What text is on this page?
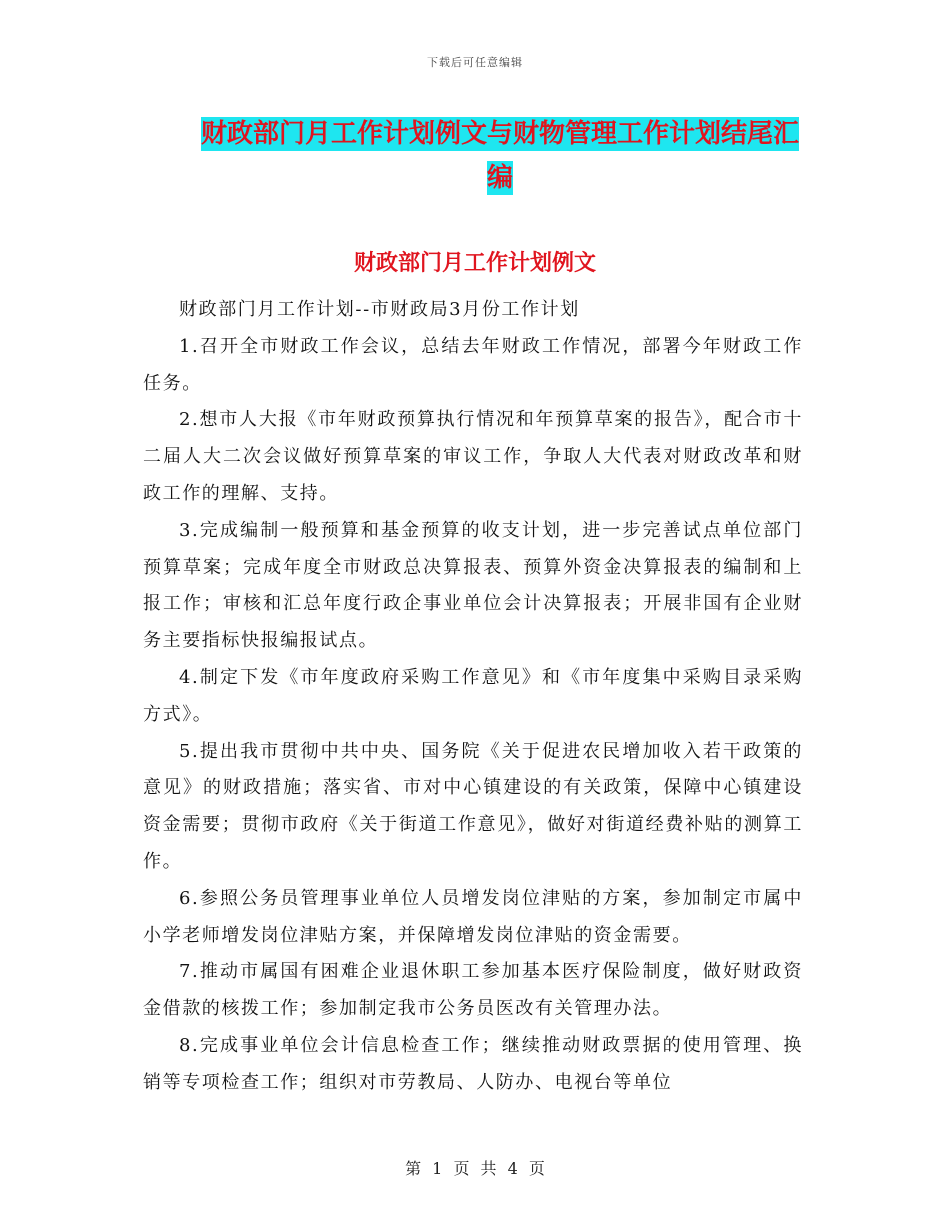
下载后可任意编辑
财政部门月工作计划例文与财物管理工作计划结尾汇编
财政部门月工作计划例文

财政部门月工作计划--市财政局3月份工作计划

1.召开全市财政工作会议，总结去年财政工作情况，部署今年财政工作任务。

2.想市人大报《市年财政预算执行情况和年预算草案的报告》，配合市十二届人大二次会议做好预算草案的审议工作，争取人大代表对财政改革和财政工作的理解、支持。

3.完成编制一般预算和基金预算的收支计划，进一步完善试点单位部门预算草案；完成年度全市财政总决算报表、预算外资金决算报表的编制和上报工作；审核和汇总年度行政企事业单位会计决算报表；开展非国有企业财务主要指标快报编报试点。

4.制定下发《市年度政府采购工作意见》和《市年度集中采购目录采购方式》。

5.提出我市贯彻中共中央、国务院《关于促进农民增加收入若干政策的意见》的财政措施；落实省、市对中心镇建设的有关政策，保障中心镇建设资金需要；贯彻市政府《关于街道工作意见》，做好对街道经费补贴的测算工作。

6.参照公务员管理事业单位人员增发岗位津贴的方案，参加制定市属中小学老师增发岗位津贴方案，并保障增发岗位津贴的资金需要。

7.推动市属国有困难企业退休职工参加基本医疗保险制度，做好财政资金借款的核拨工作；参加制定我市公务员医改有关管理办法。

8.完成事业单位会计信息检查工作；继续推动财政票据的使用管理、换销等专项检查工作；组织对市劳教局、人防办、电视台等单位

第 1 页 共 4 页
